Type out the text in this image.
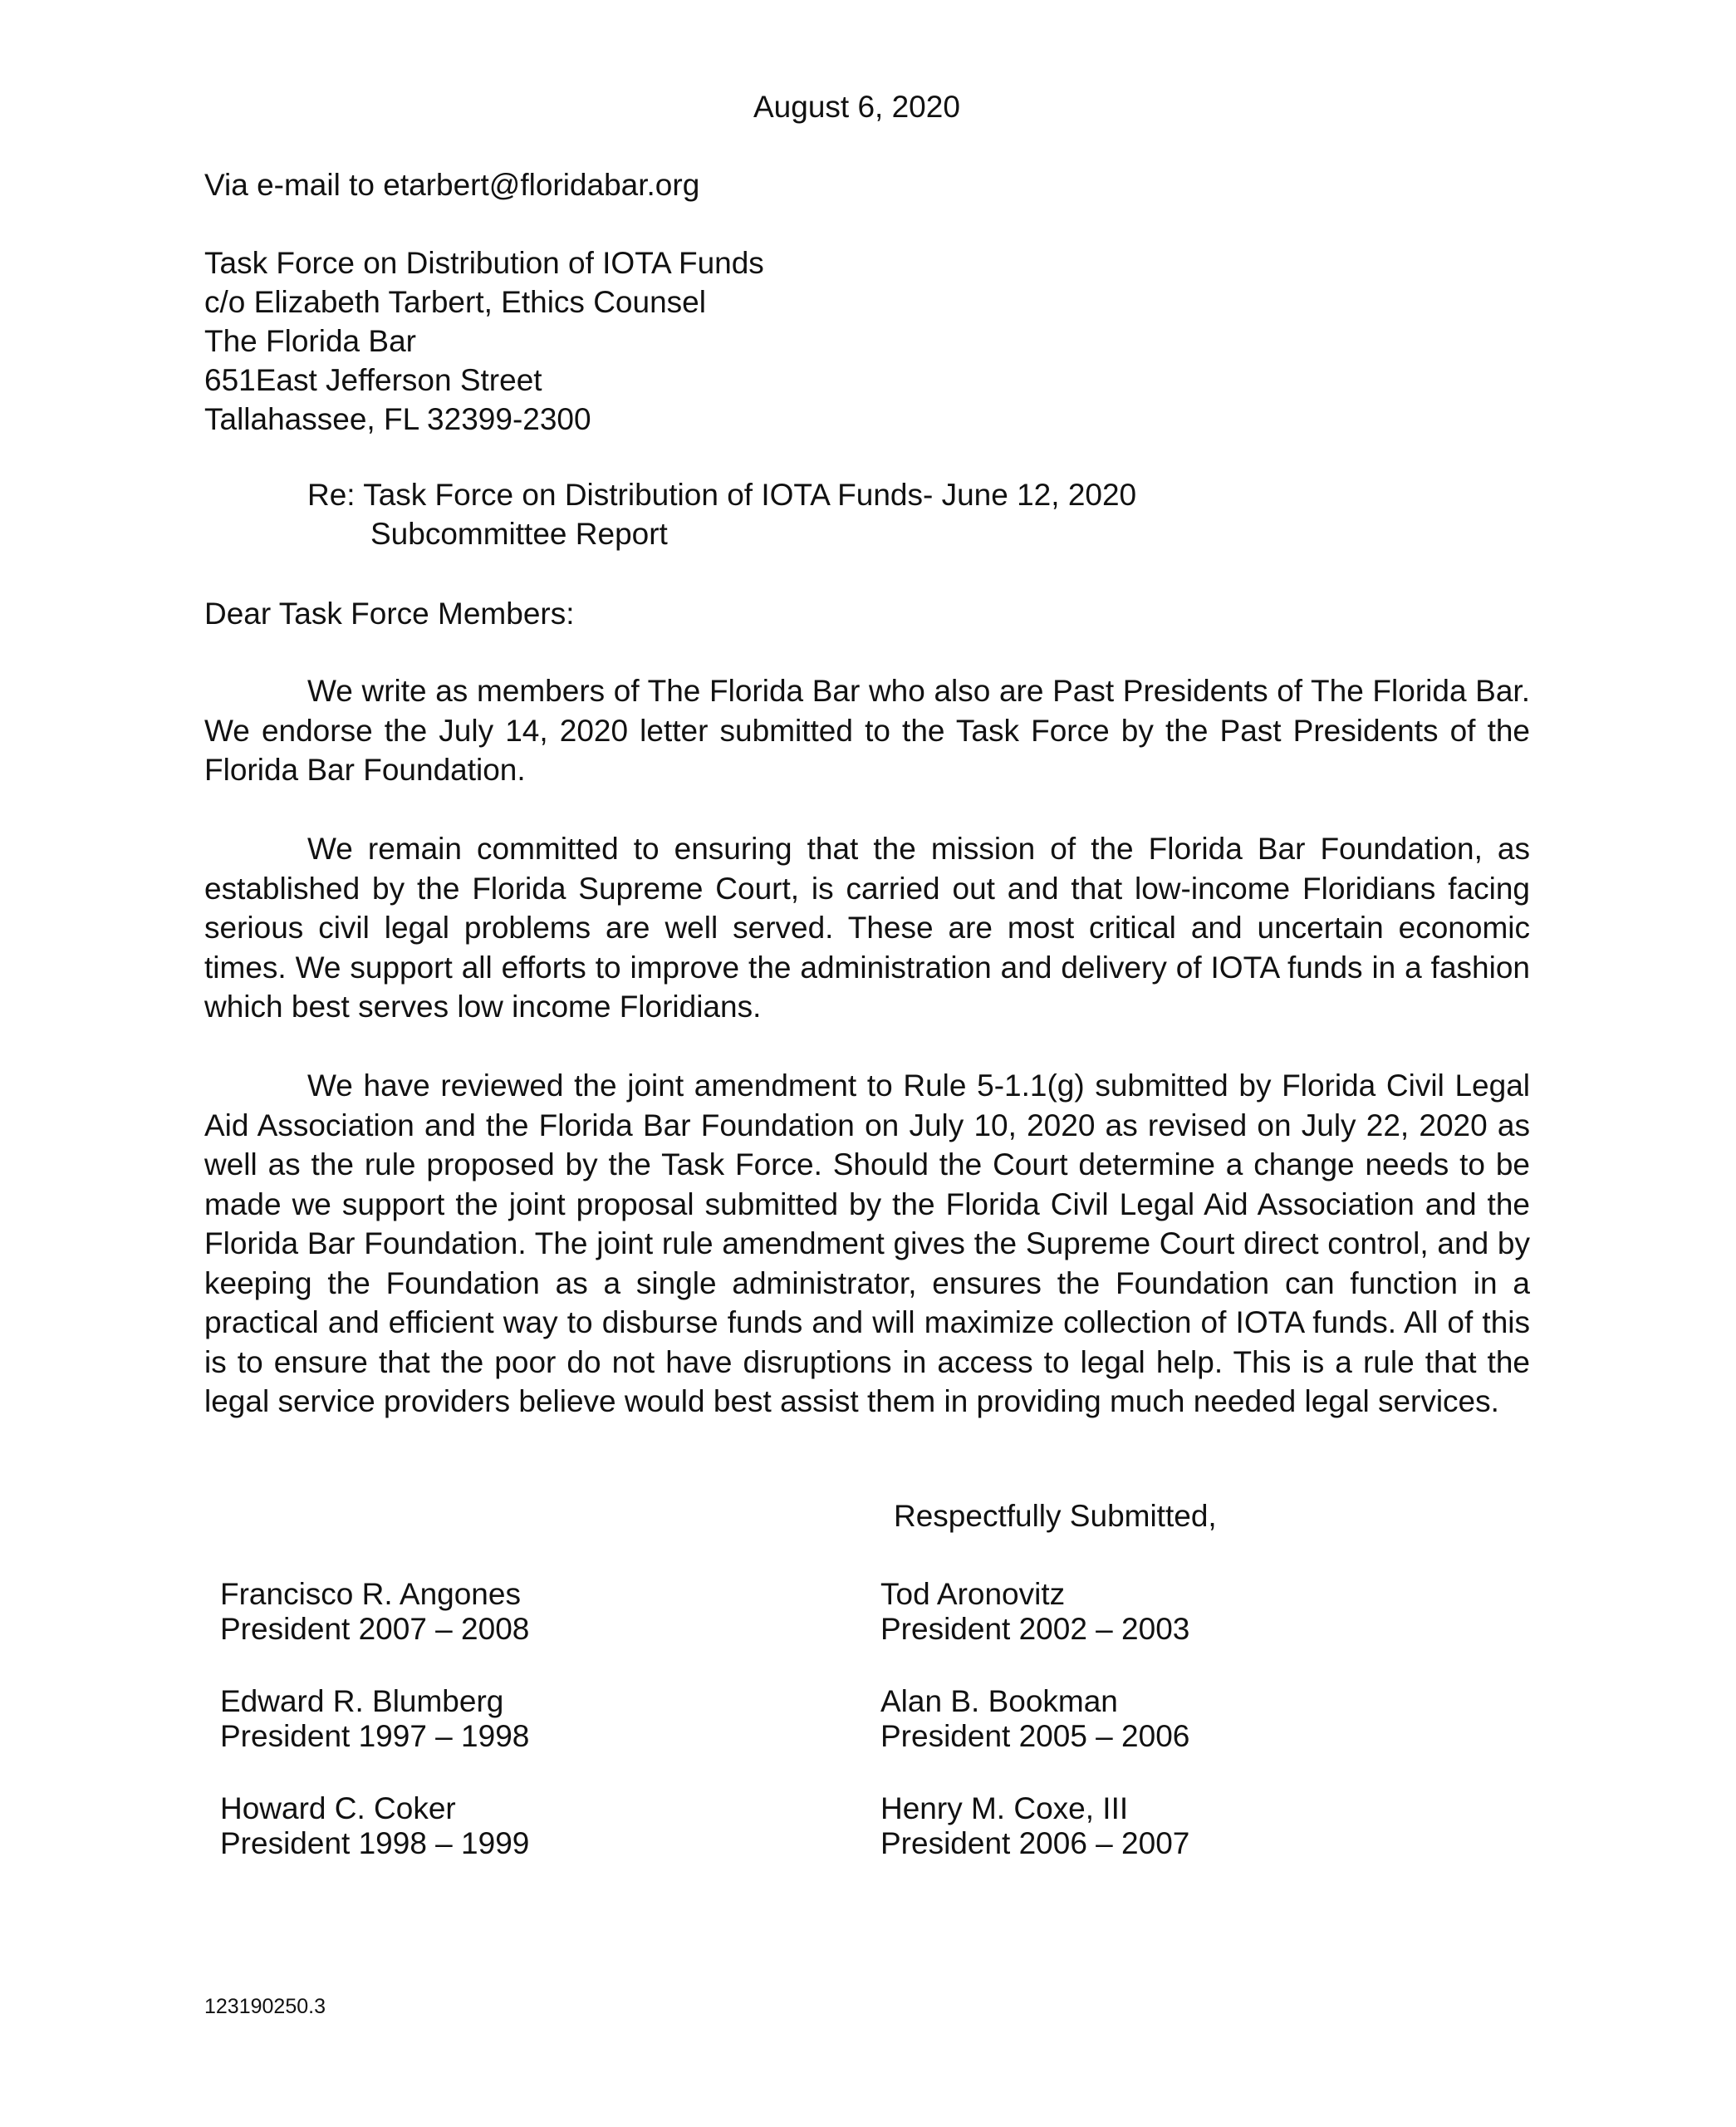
August 6, 2020
Via e-mail to etarbert@floridabar.org
Task Force on Distribution of IOTA Funds
c/o Elizabeth Tarbert, Ethics Counsel
The Florida Bar
651East Jefferson Street
Tallahassee, FL 32399-2300
Re: Task Force on Distribution of IOTA Funds- June 12, 2020
Subcommittee Report
Dear Task Force Members:
We write as members of The Florida Bar who also are Past Presidents of The Florida Bar. We endorse the July 14, 2020 letter submitted to the Task Force by the Past Presidents of the Florida Bar Foundation.
We remain committed to ensuring that the mission of the Florida Bar Foundation, as established by the Florida Supreme Court, is carried out and that low-income Floridians facing serious civil legal problems are well served. These are most critical and uncertain economic times. We support all efforts to improve the administration and delivery of IOTA funds in a fashion which best serves low income Floridians.
We have reviewed the joint amendment to Rule 5-1.1(g) submitted by Florida Civil Legal Aid Association and the Florida Bar Foundation on July 10, 2020 as revised on July 22, 2020 as well as the rule proposed by the Task Force. Should the Court determine a change needs to be made we support the joint proposal submitted by the Florida Civil Legal Aid Association and the Florida Bar Foundation. The joint rule amendment gives the Supreme Court direct control, and by keeping the Foundation as a single administrator, ensures the Foundation can function in a practical and efficient way to disburse funds and will maximize collection of IOTA funds. All of this is to ensure that the poor do not have disruptions in access to legal help. This is a rule that the legal service providers believe would best assist them in providing much needed legal services.
Respectfully Submitted,
Francisco R. Angones
President 2007 – 2008
Tod Aronovitz
President 2002 – 2003
Edward R. Blumberg
President 1997 – 1998
Alan B. Bookman
President 2005 – 2006
Howard C. Coker
President 1998 – 1999
Henry M. Coxe, III
President 2006 – 2007
123190250.3
